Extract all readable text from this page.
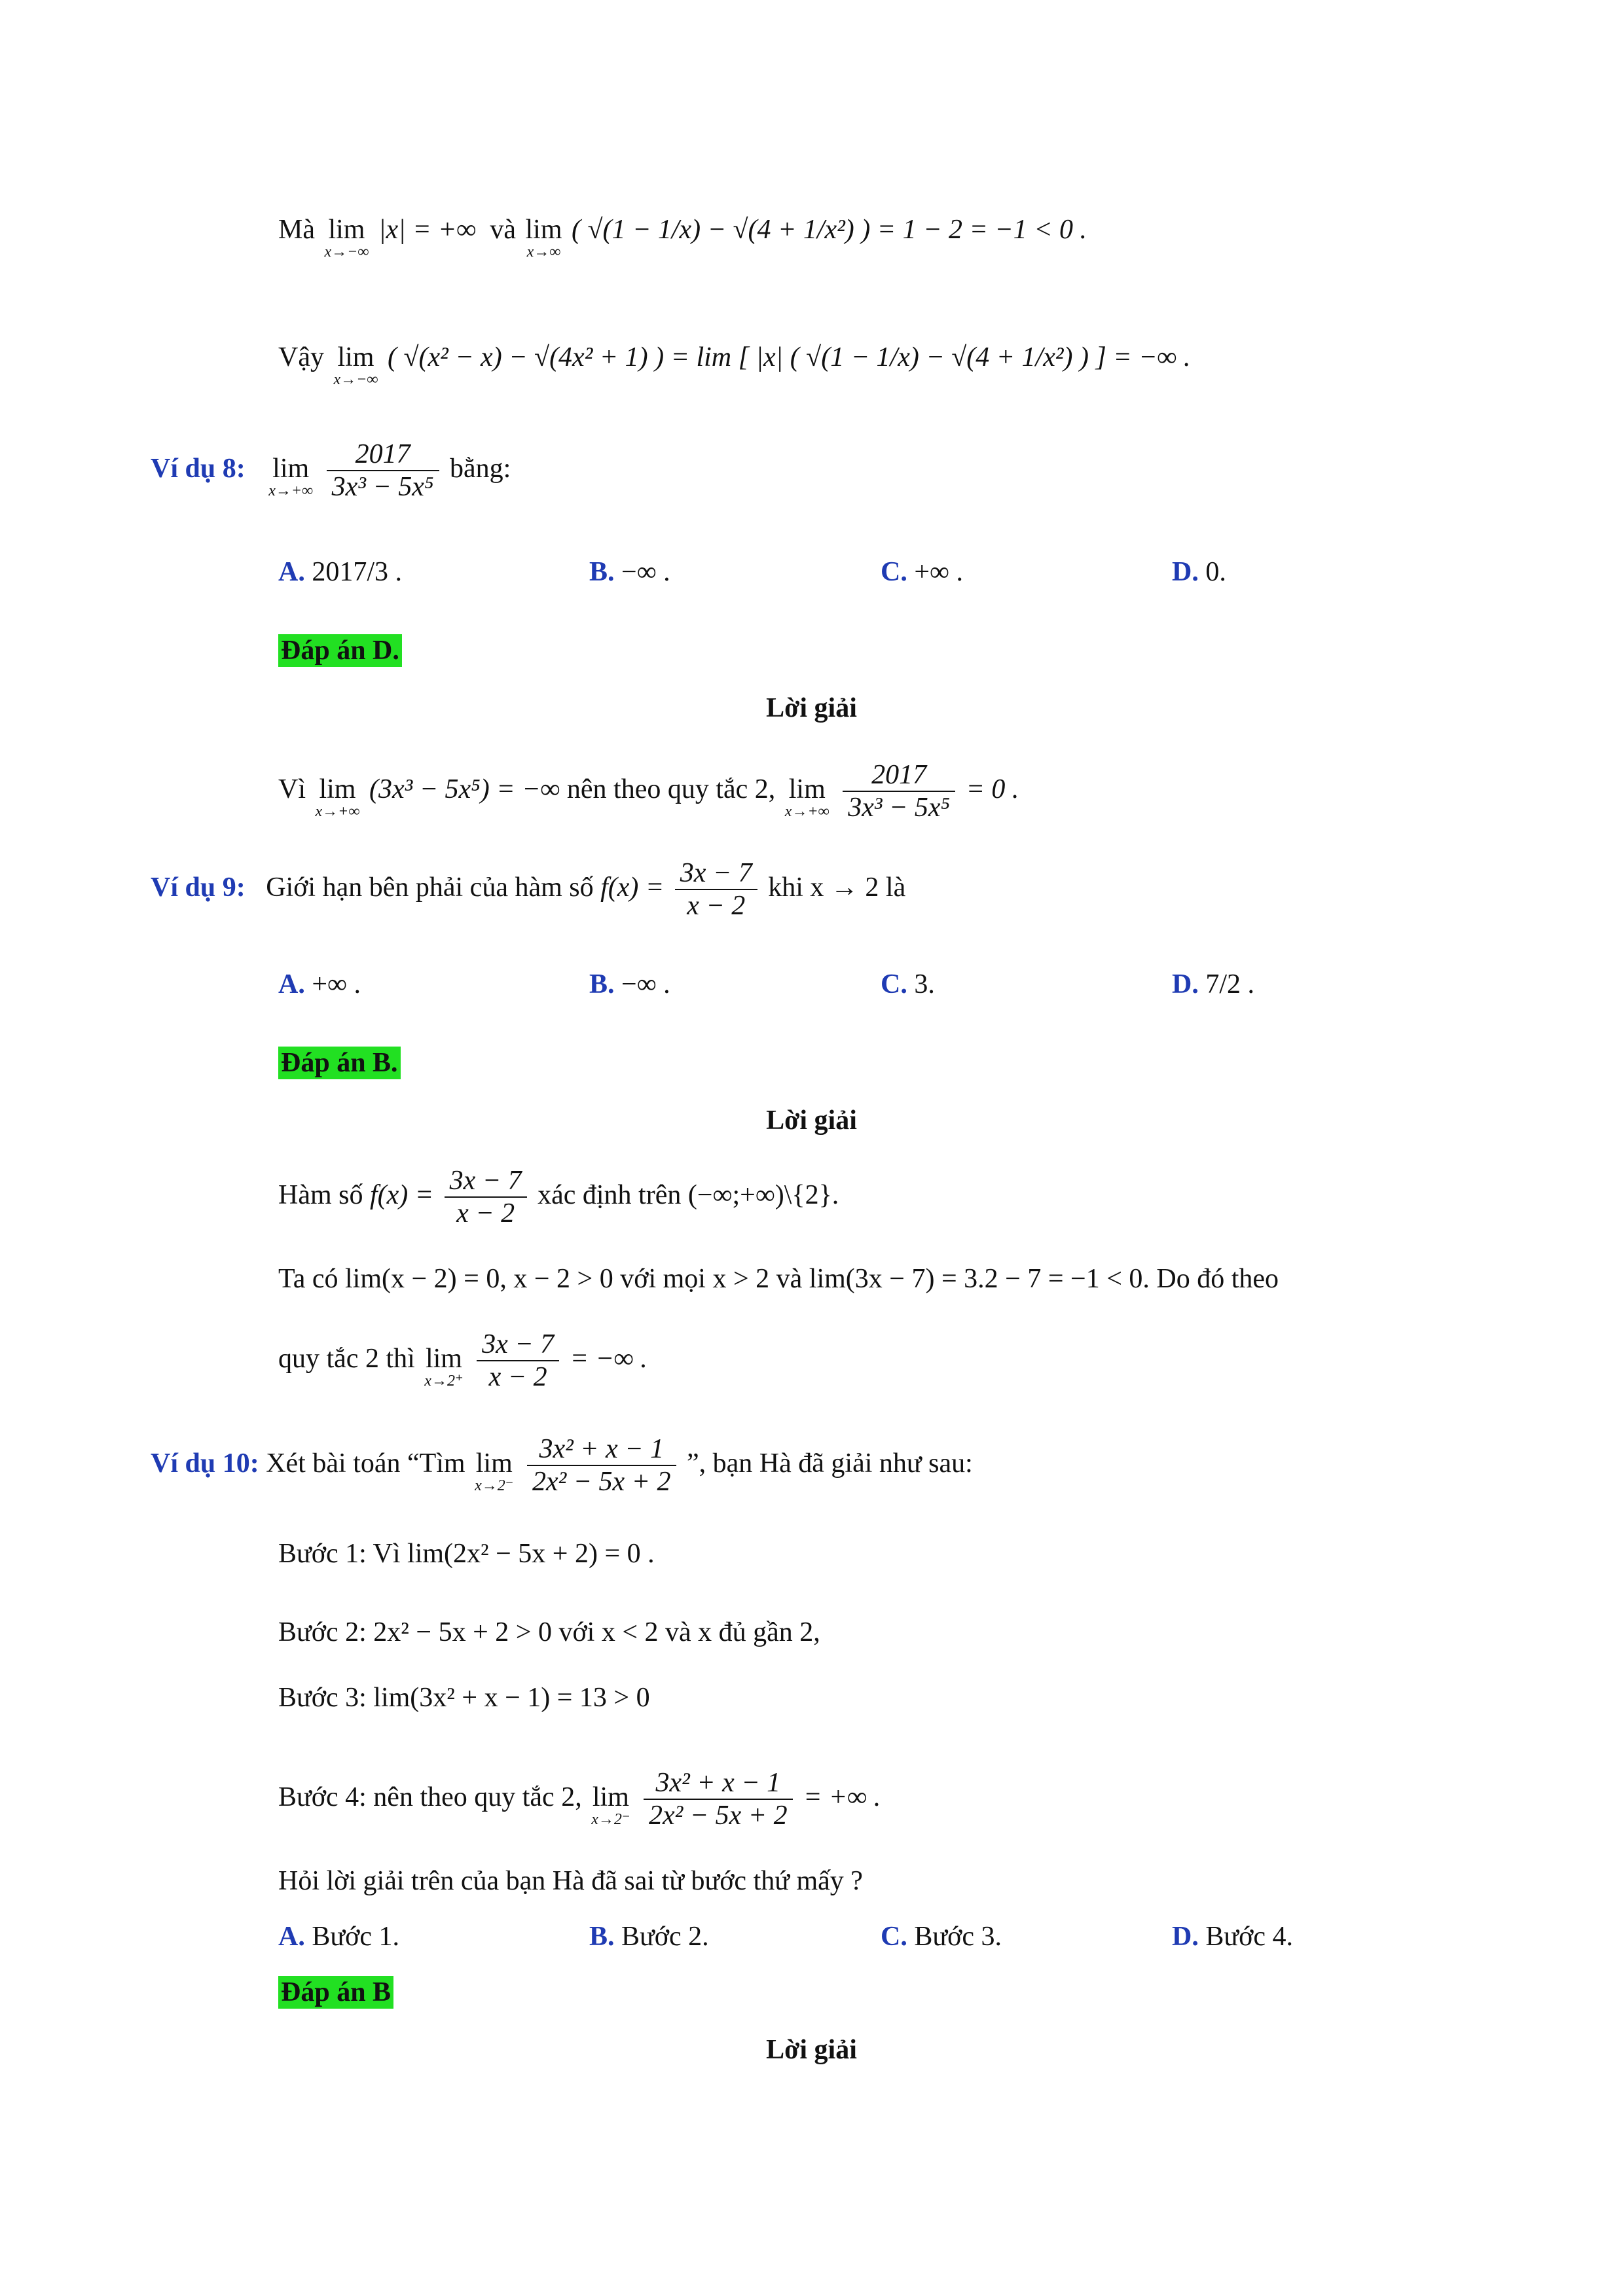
Mà lim
x→−∞
|x| = +∞ và lim
x→∞
( √(1 − 1/x) − √(4 + 1/x²) ) = 1 − 2 = −1 < 0 .
Vậy lim
x→−∞
( √(x² − x) − √(4x² + 1) ) = lim [ |x| ( √(1 − 1/x) − √(4 + 1/x²) ) ] = −∞ .
Ví dụ 8: lim
x→+∞
$\frac{2017}{\text{3x³ − 5x⁵}}$ bằng:
A. 2017/3 .	B. −∞ .	C. +∞ .	D. 0.
Đáp án D.
Lời giải
Vì lim
x→+∞
(3x³ − 5x⁵) = −∞ nên theo quy tắc 2, lim
x→+∞
$\frac{2017}{\text{3x³ − 5x⁵}} = 0$ .
Ví dụ 9: Giới hạn bên phải của hàm số $f(x) = \frac{3x - 7}{x - 2}$ khi x → 2 là
A. +∞ .	B. −∞ .	C. 3.	D. 7/2 .
Đáp án B.
Lời giải
Hàm số $f(x) = \frac{3x - 7}{x - 2}$ xác định trên (−∞;+∞)\{2}.
Ta có lim(x − 2) = 0, x − 2 > 0 với mọi x > 2 và lim(3x − 7) = 3.2 − 7 = −1 < 0. Do đó theo
quy tắc 2 thì lim
x→2⁺
$\frac{3x - 7}{x - 2}$ = −∞ .
Ví dụ 10: Xét bài toán “Tìm lim
x→2⁻
$\frac{\text{3x² + x − 1}}{\text{2x² − 5x + 2}}$ ”, bạn Hà đã giải như sau:
Bước 1: Vì lim(2x² − 5x + 2) = 0 .
Bước 2: 2x² − 5x + 2 > 0 với x < 2 và x đủ gần 2,
Bước 3: lim(3x² + x − 1) = 13 > 0
Bước 4: nên theo quy tắc 2, lim
x→2⁻
$\frac{\text{3x² + x − 1}}{\text{2x² − 5x + 2}}$ = +∞ .
Hỏi lời giải trên của bạn Hà đã sai từ bước thứ mấy ?
A. Bước 1.	B. Bước 2.	C. Bước 3.	D. Bước 4.
Đáp án B
Lời giải
